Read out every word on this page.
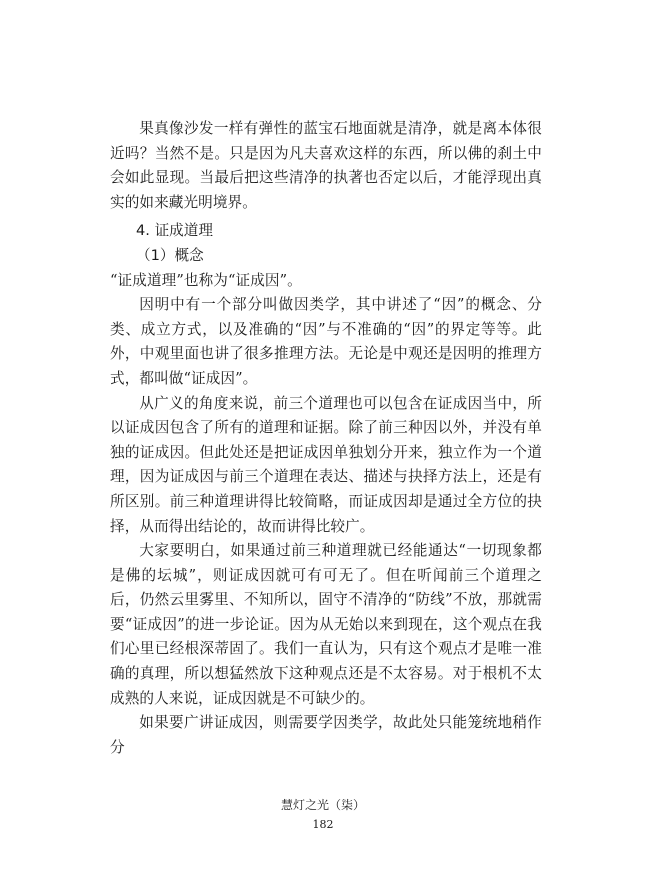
果真像沙发一样有弹性的蓝宝石地面就是清净，就是离本体很近吗？当然不是。只是因为凡夫喜欢这样的东西，所以佛的刹土中会如此显现。当最后把这些清净的执著也否定以后，才能浮现出真实的如来藏光明境界。

4. 证成道理

（1）概念

“证成道理”也称为“证成因”。

因明中有一个部分叫做因类学，其中讲述了“因”的概念、分类、成立方式，以及准确的“因”与不准确的“因”的界定等等。此外，中观里面也讲了很多推理方法。无论是中观还是因明的推理方式，都叫做“证成因”。

从广义的角度来说，前三个道理也可以包含在证成因当中，所以证成因包含了所有的道理和证据。除了前三种因以外，并没有单独的证成因。但此处还是把证成因单独划分开来，独立作为一个道理，因为证成因与前三个道理在表达、描述与抉择方法上，还是有所区别。前三种道理讲得比较简略，而证成因却是通过全方位的抉择，从而得出结论的，故而讲得比较广。

大家要明白，如果通过前三种道理就已经能通达“一切现象都是佛的坛城”，则证成因就可有可无了。但在听闻前三个道理之后，仍然云里雾里、不知所以，固守不清净的“防线”不放，那就需要“证成因”的进一步论证。因为从无始以来到现在，这个观点在我们心里已经根深蒂固了。我们一直认为，只有这个观点才是唯一准确的真理，所以想猛然放下这种观点还是不太容易。对于根机不太成熟的人来说，证成因就是不可缺少的。

如果要广讲证成因，则需要学因类学，故此处只能笼统地稍作分

慧灯之光（柒）
182
